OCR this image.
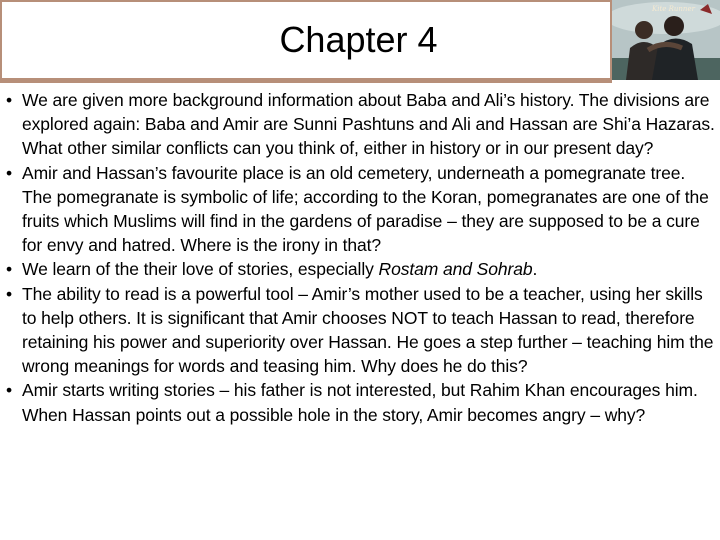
Chapter 4
Kite Runner
• We are given more background information about Baba and Ali’s history. The divisions are explored again: Baba and Amir are Sunni Pashtuns and Ali and Hassan are Shi’a Hazaras. What other similar conflicts can you think of, either in history or in our present day?
• Amir and Hassan’s favourite place is an old cemetery, underneath a pomegranate tree. The pomegranate is symbolic of life; according to the Koran, pomegranates are one of the fruits which Muslims will find in the gardens of paradise – they are supposed to be a cure for envy and hatred. Where is the irony in that?
• We learn of the their love of stories, especially Rostam and Sohrab.
• The ability to read is a powerful tool – Amir’s mother used to be a teacher, using her skills to help others. It is significant that Amir chooses NOT to teach Hassan to read, therefore retaining his power and superiority over Hassan. He goes a step further – teaching him the wrong meanings for words and teasing him. Why does he do this?
• Amir starts writing stories – his father is not interested, but Rahim Khan encourages him. When Hassan points out a possible hole in the story, Amir becomes angry – why?
